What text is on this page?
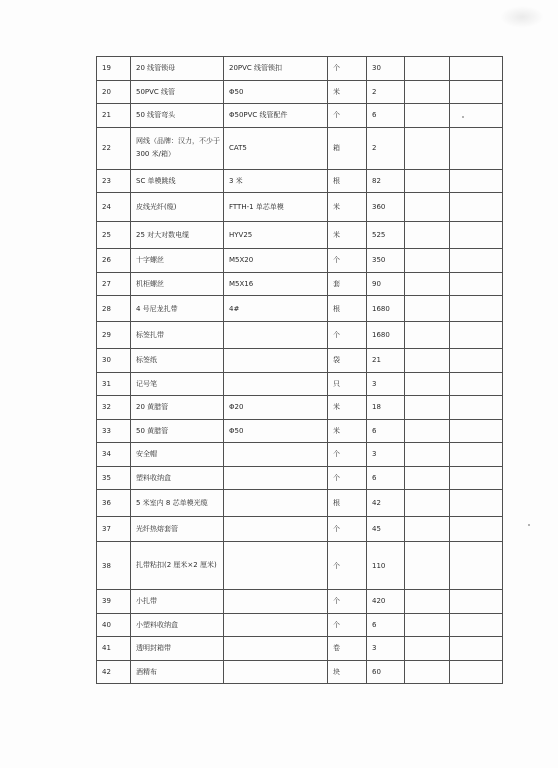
19	20 线管锁母	20PVC 线管锁扣	个	30		
20	50PVC 线管	Φ50	米	2		
21	50 线管弯头	Φ50PVC 线管配件	个	6		
22	网线（品牌：汉力，不少于 300 米/箱）	CAT5	箱	2		
23	SC 单模跳线	3 米	根	82		
24	皮线光纤(缆)	FTTH-1 单芯单模	米	360		
25	25 对大对数电缆	HYV25	米	525		
26	十字螺丝	M5X20	个	350		
27	机柜螺丝	M5X16	套	90		
28	4 号尼龙扎带	4#	根	1680		
29	标签扎带		个	1680		
30	标签纸		袋	21		
31	记号笔		只	3		
32	20 黄腊管	Φ20	米	18		
33	50 黄腊管	Φ50	米	6		
34	安全帽		个	3		
35	塑料收纳盒		个	6		
36	5 米室内 8 芯单模光缆		根	42		
37	光纤热熔套管		个	45		
38	扎带粘扣(2 厘米×2 厘米)		个	110		
39	小扎带		个	420		
40	小塑料收纳盒		个	6		
41	透明封箱带		卷	3		
42	酒精布		块	60		
